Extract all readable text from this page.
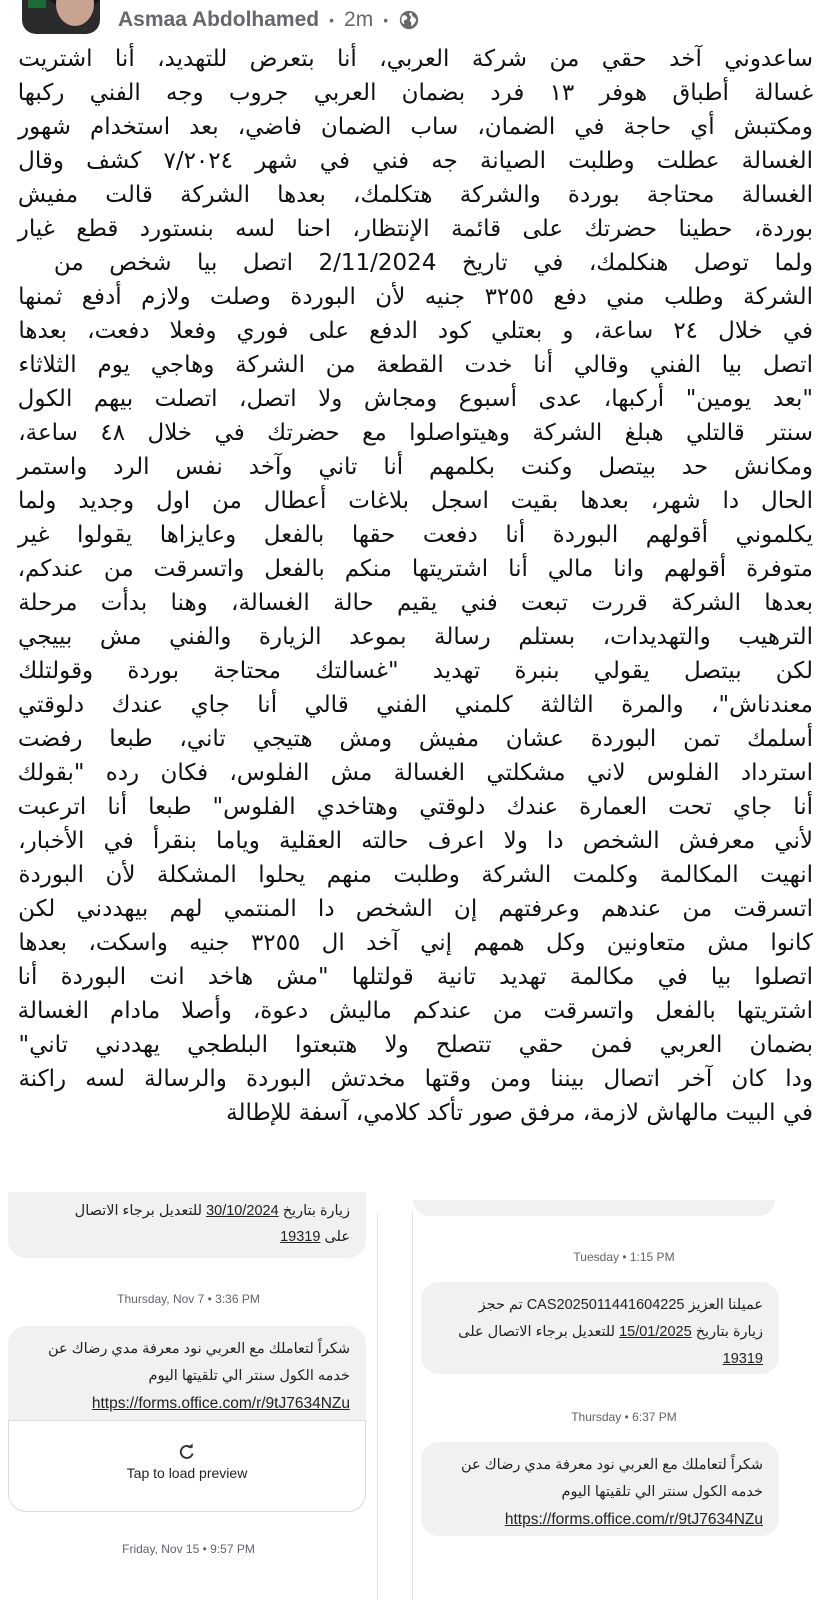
Asmaa Abdolhamed • 2m •
ساعدوني آخد حقي من شركة العربي، أنا بتعرض للتهديد، أنا اشتريت
غسالة أطباق هوفر ١٣ فرد بضمان العربي جروب وجه الفني ركبها
ومكتبش أي حاجة في الضمان، ساب الضمان فاضي، بعد استخدام شهور
الغسالة عطلت وطلبت الصيانة جه فني في شهر ٧/٢٠٢٤ كشف وقال
الغسالة محتاجة بوردة والشركة هتكلمك، بعدها الشركة قالت مفيش
بوردة، حطينا حضرتك على قائمة الإنتظار، احنا لسه بنستورد قطع غيار
ولما توصل هنكلمك، في تاريخ 2/11/2024 اتصل بيا شخص من
الشركة وطلب مني دفع ٣٢٥٥ جنيه لأن البوردة وصلت ولازم أدفع ثمنها
في خلال ٢٤ ساعة، و بعتلي كود الدفع على فوري وفعلا دفعت، بعدها
اتصل بيا الفني وقالي أنا خدت القطعة من الشركة وهاجي يوم الثلاثاء
"بعد يومين" أركبها، عدى أسبوع ومجاش ولا اتصل، اتصلت بيهم الكول
سنتر قالتلي هبلغ الشركة وهيتواصلوا مع حضرتك في خلال ٤٨ ساعة،
ومكانش حد بيتصل وكنت بكلمهم أنا تاني وآخد نفس الرد واستمر
الحال دا شهر، بعدها بقيت اسجل بلاغات أعطال من اول وجديد ولما
يكلموني أقولهم البوردة أنا دفعت حقها بالفعل وعايزاها يقولوا غير
متوفرة أقولهم وانا مالي أنا اشتريتها منكم بالفعل واتسرقت من عندكم،
بعدها الشركة قررت تبعت فني يقيم حالة الغسالة، وهنا بدأت مرحلة
الترهيب والتهديدات، بستلم رسالة بموعد الزيارة والفني مش بييجي
لكن بيتصل يقولي بنبرة تهديد "غسالتك محتاجة بوردة وقولتلك
معندناش"، والمرة الثالثة كلمني الفني قالي أنا جاي عندك دلوقتي
أسلمك تمن البوردة عشان مفيش ومش هتيجي تاني، طبعا رفضت
استرداد الفلوس لاني مشكلتي الغسالة مش الفلوس، فكان رده "بقولك
أنا جاي تحت العمارة عندك دلوقتي وهتاخدي الفلوس" طبعا أنا اترعبت
لأني معرفش الشخص دا ولا اعرف حالته العقلية وياما بنقرأ في الأخبار،
انهيت المكالمة وكلمت الشركة وطلبت منهم يحلوا المشكلة لأن البوردة
اتسرقت من عندهم وعرفتهم إن الشخص دا المنتمي لهم بيهددني لكن
كانوا مش متعاونين وكل همهم إني آخد ال ٣٢٥٥ جنيه واسكت، بعدها
اتصلوا بيا في مكالمة تهديد تانية قولتلها "مش هاخد انت البوردة أنا
اشتريتها بالفعل واتسرقت من عندكم ماليش دعوة، وأصلا مادام الغسالة
بضمان العربي فمن حقي تتصلح ولا هتبعتوا البلطجي يهددني تاني"
ودا كان آخر اتصال بيننا ومن وقتها مخدتش البوردة والرسالة لسه راكنة
في البيت مالهاش لازمة، مرفق صور تأكد كلامي، آسفة للإطالة
زيارة بتاريخ 30/10/2024 للتعديل برجاء الاتصال
على 19319
Thursday, Nov 7 • 3:36 PM
شكراً لتعاملك مع العربي نود معرفة مدي رضاك عن
خدمه الكول سنتر الي تلقيتها اليوم
https://forms.office.com/r/9tJ7634NZu
Tap to load preview
Friday, Nov 15 • 9:57 PM
Tuesday • 1:15 PM
عميلنا العزيز CAS2025011441604225 تم حجز
زيارة بتاريخ 15/01/2025 للتعديل برجاء الاتصال على
19319
Thursday • 6:37 PM
شكراً لتعاملك مع العربي نود معرفة مدي رضاك عن
خدمه الكول سنتر الي تلقيتها اليوم
https://forms.office.com/r/9tJ7634NZu
